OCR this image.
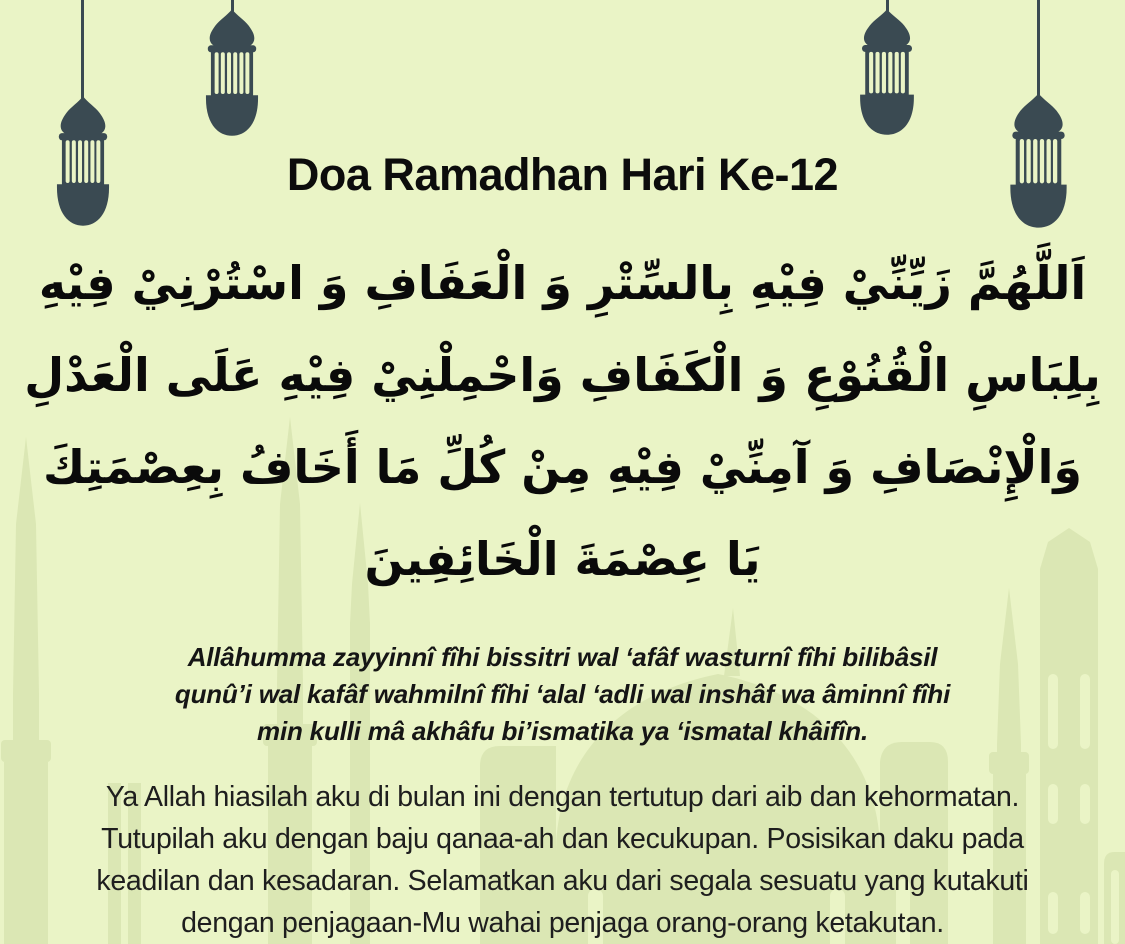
Doa Ramadhan Hari Ke-12
اَللَّهُمَّ زَيِّنِّيْ فِيْهِ بِالسِّتْرِ وَ الْعَفَافِ وَ اسْتُرْنِيْ فِيْهِ
بِلِبَاسِ الْقُنُوْعِ وَ الْكَفَافِ وَاحْمِلْنِيْ فِيْهِ عَلَى الْعَدْلِ
وَالْإِنْصَافِ وَ آمِنِّيْ فِيْهِ مِنْ كُلِّ مَا أَخَافُ بِعِصْمَتِكَ
يَا عِصْمَةَ الْخَائِفِينَ
Allâhumma zayyinnî fîhi bissitri wal ‘afâf wasturnî fîhi bilibâsil
qunû’i wal kafâf wahmilnî fîhi ‘alal ‘adli wal inshâf wa âminnî fîhi
min kulli mâ akhâfu bi’ismatika ya ‘ismatal khâifîn.
Ya Allah hiasilah aku di bulan ini dengan tertutup dari aib dan kehormatan.
Tutupilah aku dengan baju qanaa-ah dan kecukupan. Posisikan daku pada
keadilan dan kesadaran. Selamatkan aku dari segala sesuatu yang kutakuti
dengan penjagaan-Mu wahai penjaga orang-orang ketakutan.
